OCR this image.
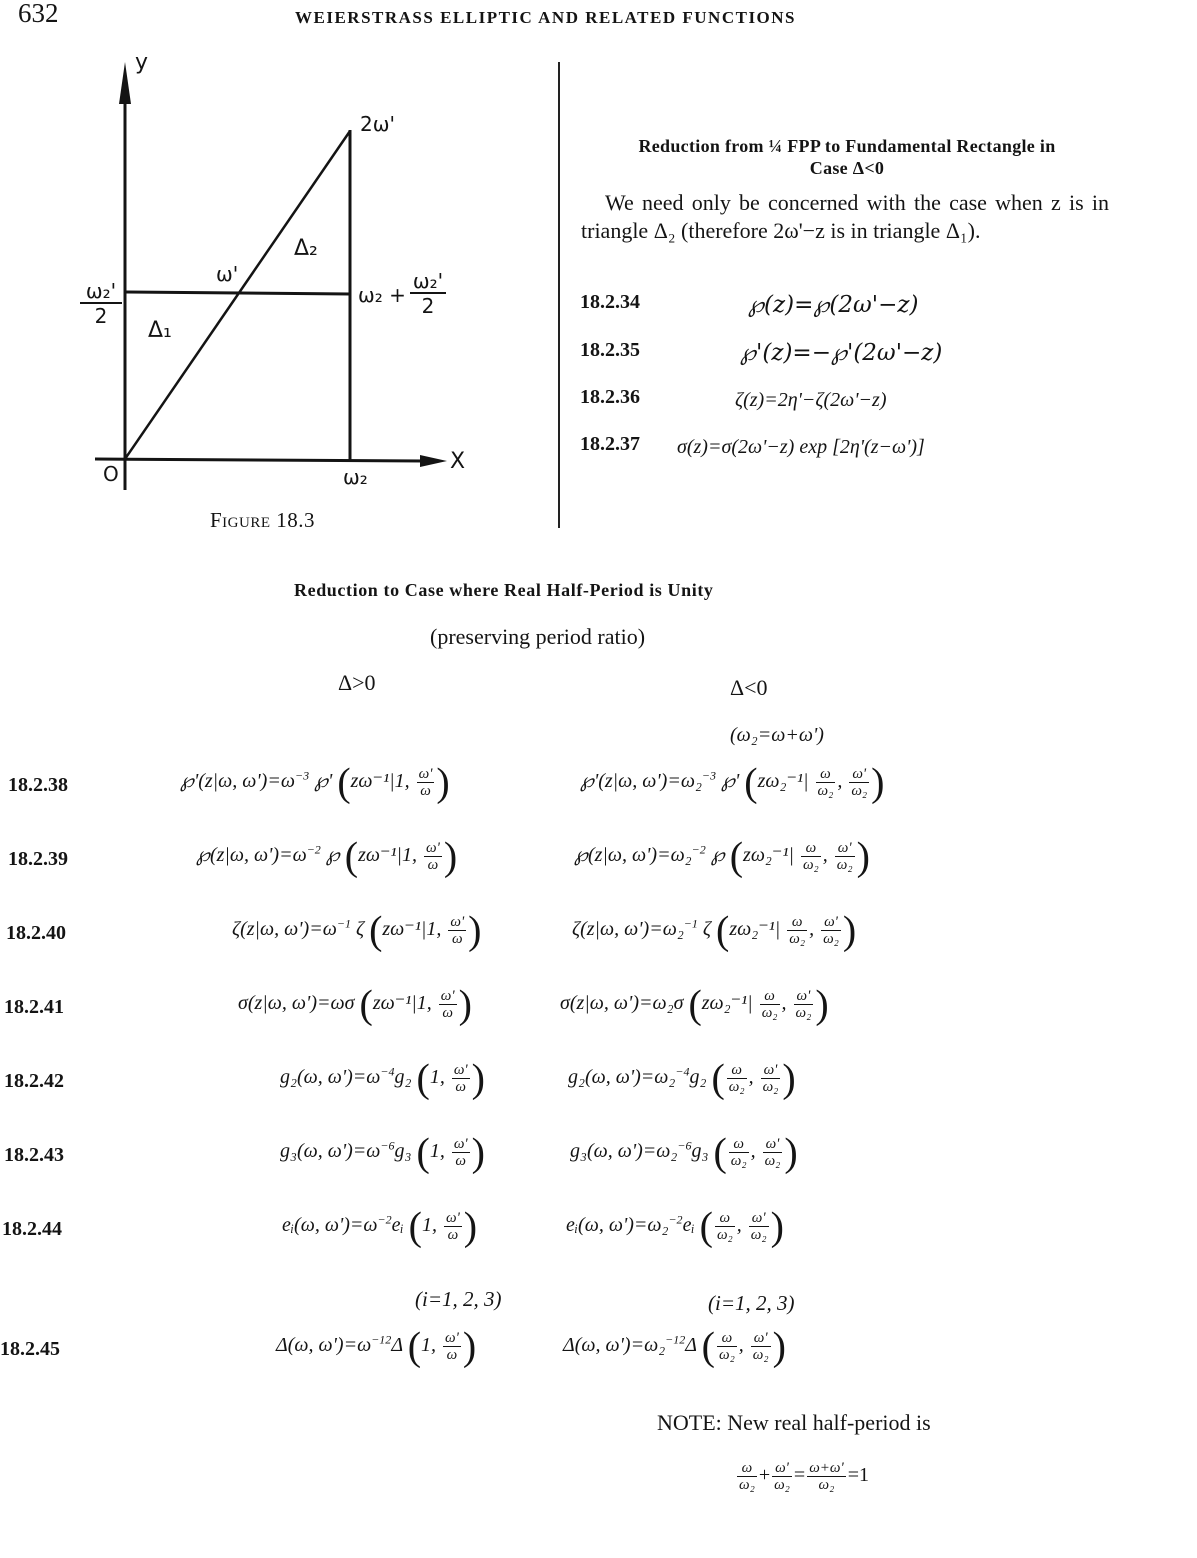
632	WEIERSTRASS ELLIPTIC AND RELATED FUNCTIONS
y
X
O
2ω'
ω'
Δ₂
Δ₁
$\frac{\text{ω₂'}}{2}$	$\omega_2 + \frac{\text{ω₂'}}{2}$
ω₂
Figure 18.3
Reduction from ¼ FPP to Fundamental Rectangle in
Case Δ<0
We need only be concerned with the case when z is in triangle Δ₂ (therefore 2ω'−z is in triangle Δ₁).
18.2.34	℘(z)=℘(2ω'−z)
18.2.35	℘'(z)=−℘'(2ω'−z)
18.2.36	ζ(z)=2η'−ζ(2ω'−z)
18.2.37 σ(z)=σ(2ω'−z) exp [2η'(z−ω')]
Reduction to Case where Real Half-Period is Unity
(preserving period ratio)
Δ>0	Δ<0
(ω₂=ω+ω')
18.2.38	℘'(z|ω, $\omega')=\omega^{-3}$ ℘' (zω⁻¹|1, $\frac{\omega'}{\omega}$ )	℘'(z|ω, ω')=ω₂$^{-3}$ ℘' ($z\omega_2^{-1}| \frac{\omega}{\text{ω₂}}$ , $\frac{\omega'}{\text{ω₂}}$ )
18.2.39	℘(z|ω, $\omega')=\omega^{-2}$ ℘ (zω⁻¹|1, $\frac{\omega'}{\omega}$ )	℘(z|ω, ω')=ω₂$^{-2}$ ℘ ($z\omega_2^{-1}| \frac{\omega}{\text{ω₂}}$ , $\frac{\omega'}{\text{ω₂}}$ )
18.2.40	ζ(z|ω, $\omega')=\omega^{-1}$ ζ (zω⁻¹|1, $\frac{\omega'}{\omega}$ )	ζ(z|ω, ω')=ω₂$^{-1}$ ζ ($z\omega_2^{-1}| \frac{\omega}{\text{ω₂}}$ , $\frac{\omega'}{\text{ω₂}}$ )
18.2.41	σ(z|ω, ω')=ωσ (zω⁻¹|1, $\frac{\omega'}{\omega}$ )	σ(z|ω, ω')=ω₂σ ($z\omega_2^{-1}| \frac{\omega}{\text{ω₂}}$ , $\frac{\omega'}{\text{ω₂}}$ )
18.2.42	g₂(ω, $\omega')=\omega^{-4}g_2$ (1, $\frac{\omega'}{\omega}$ )	g₂(ω, ω')=ω₂$^{-4}$g₂ ( $\frac{\omega}{\text{ω₂}}$ , $\frac{\omega'}{\text{ω₂}}$ )
18.2.43	g₃(ω, $\omega')=\omega^{-6}g_3$ (1, $\frac{\omega'}{\omega}$ )	g₃(ω, ω')=ω₂$^{-6}$g₃ ( $\frac{\omega}{\text{ω₂}}$ , $\frac{\omega'}{\text{ω₂}}$ )
18.2.44	eᵢ(ω, $\omega')=\omega^{-2}eᵢ$ (1, $\frac{\omega'}{\omega}$ )	eᵢ(ω, ω')=ω₂$^{-2}$eᵢ ( $\frac{\omega}{\text{ω₂}}$ , $\frac{\omega'}{\text{ω₂}}$ )
(i=1, 2, 3)	(i=1, 2, 3)
18.2.45	Δ(ω, $\omega')=\omega^{-12}\Delta$ (1, $\frac{\omega'}{\omega}$ )	Δ(ω, ω')=ω₂$^{-12}$Δ ( $\frac{\omega}{\text{ω₂}}$ , $\frac{\omega'}{\text{ω₂}}$ )
NOTE: New real half-period is
$\frac{\omega}{\text{ω₂}} + \frac{\omega'}{\text{ω₂}} = \frac{\omega+\omega'}{\text{ω₂}} =1$
